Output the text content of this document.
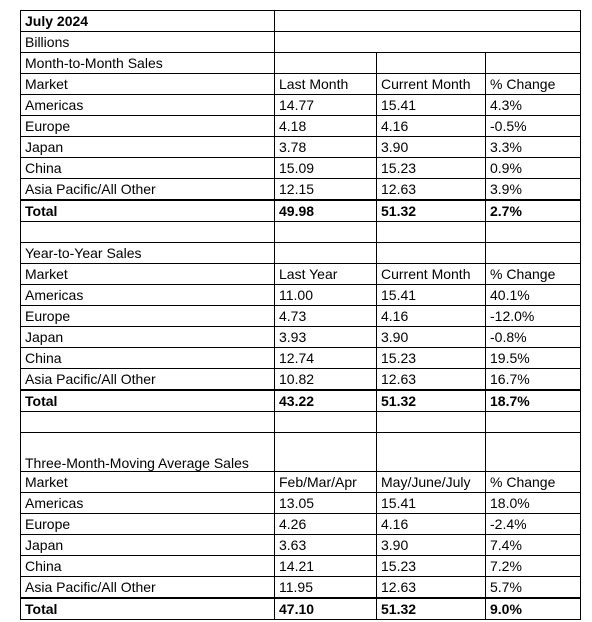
July 2024			
Billions			
Month-to-Month Sales			
Market	Last Month	Current Month	% Change
Americas	14.77	15.41	4.3%
Europe	4.18	4.16	-0.5%
Japan	3.78	3.90	3.3%
China	15.09	15.23	0.9%
Asia Pacific/All Other	12.15	12.63	3.9%
Total	49.98	51.32	2.7%

Year-to-Year Sales			
Market	Last Year	Current Month	% Change
Americas	11.00	15.41	40.1%
Europe	4.73	4.16	-12.0%
Japan	3.93	3.90	-0.8%
China	12.74	15.23	19.5%
Asia Pacific/All Other	10.82	12.63	16.7%
Total	43.22	51.32	18.7%

Three-Month-Moving Average Sales			
Market	Feb/Mar/Apr	May/June/July	% Change
Americas	13.05	15.41	18.0%
Europe	4.26	4.16	-2.4%
Japan	3.63	3.90	7.4%
China	14.21	15.23	7.2%
Asia Pacific/All Other	11.95	12.63	5.7%
Total	47.10	51.32	9.0%
